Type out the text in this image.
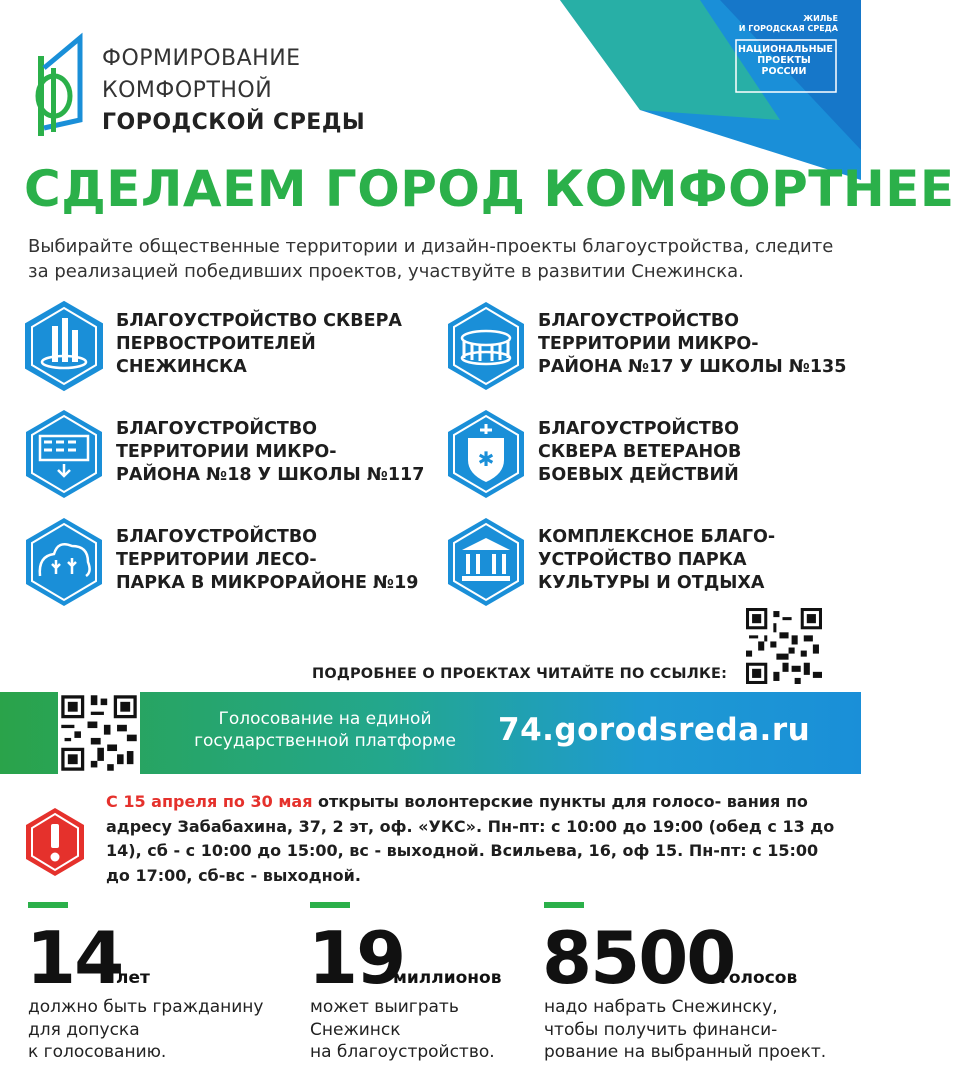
ЖИЛЬЕ
И ГОРОДСКАЯ СРЕДА
НАЦИОНАЛЬНЫЕ
ПРОЕКТЫ
РОССИИ
ФОРМИРОВАНИЕ
КОМФОРТНОЙ
ГОРОДСКОЙ СРЕДЫ
СДЕЛАЕМ ГОРОД КОМФОРТНЕЕ
Выбирайте общественные территории и дизайн-проекты благоустройства, следите за реализацией победивших проектов, участвуйте в развитии Снежинска.
БЛАГОУСТРОЙСТВО СКВЕРА
ПЕРВОСТРОИТЕЛЕЙ
СНЕЖИНСКА
БЛАГОУСТРОЙСТВО
ТЕРРИТОРИИ МИКРО-
РАЙОНА №17 У ШКОЛЫ №135
БЛАГОУСТРОЙСТВО
ТЕРРИТОРИИ МИКРО-
РАЙОНА №18 У ШКОЛЫ №117
✱
БЛАГОУСТРОЙСТВО
СКВЕРА ВЕТЕРАНОВ
БОЕВЫХ ДЕЙСТВИЙ
БЛАГОУСТРОЙСТВО
ТЕРРИТОРИИ ЛЕСО-
ПАРКА В МИКРОРАЙОНЕ №19
КОМПЛЕКСНОЕ БЛАГО-
УСТРОЙСТВО ПАРКА
КУЛЬТУРЫ И ОТДЫХА
ПОДРОБНЕЕ О ПРОЕКТАХ ЧИТАЙТЕ ПО ССЫЛКЕ:
Голосование на единой
государственной платформе	74.gorodsreda.ru
С 15 апреля по 30 мая открыты волонтерские пункты для голосо- вания по адресу Забабахина, 37, 2 эт, оф. «УКС». Пн-пт: с 10:00 до 19:00 (обед с 13 до 14), сб - с 10:00 до 15:00, вс - выходной. Всильева, 16, оф 15. Пн-пт: с 15:00 до 17:00, сб-вс - выходной.
14
лет
должно быть гражданину
для допуска
к голосованию.
19
миллионов
может выиграть
Снежинск
на благоустройство.
8500
голосов
надо набрать Снежинску,
чтобы получить финанси-
рование на выбранный проект.
